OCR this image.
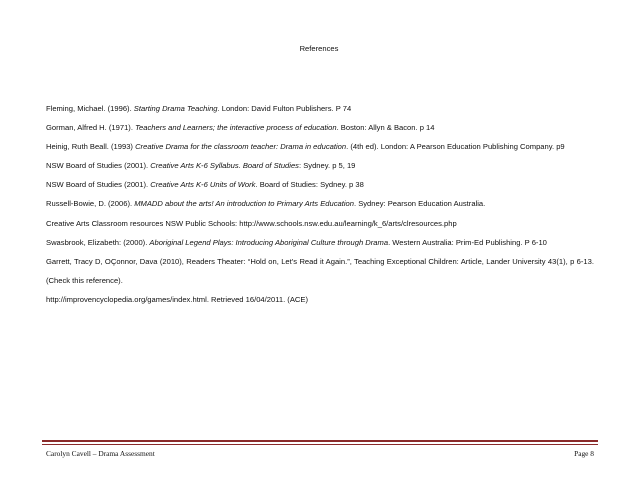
References

Fleming, Michael. (1996). Starting Drama Teaching. London: David Fulton Publishers. P 74

Gorman, Alfred H. (1971). Teachers and Learners; the interactive process of education. Boston: Allyn & Bacon. p 14

Heinig, Ruth Beall. (1993) Creative Drama for the classroom teacher: Drama in education. (4th ed). London: A Pearson Education Publishing Company. p9

NSW Board of Studies (2001). Creative Arts K-6 Syllabus. Board of Studies: Sydney. p 5, 19

NSW Board of Studies (2001). Creative Arts K-6 Units of Work. Board of Studies: Sydney. p 38

Russell-Bowie, D. (2006). MMADD about the arts! An introduction to Primary Arts Education. Sydney: Pearson Education Australia.

Creative Arts Classroom resources NSW Public Schools: http://www.schools.nsw.edu.au/learning/k_6/arts/clresources.php

Swasbrook, Elizabeth: (2000). Aboriginal Legend Plays: Introducing Aboriginal Culture through Drama. Western Australia: Prim-Ed Publishing. P 6-10

Garrett, Tracy D, OÇonnor, Dava (2010), Readers Theater: “Hold on, Let’s Read it Again.”, Teaching Exceptional Children: Article, Lander University 43(1), p 6-13. (Check this reference).

http://improvencyclopedia.org/games/index.html. Retrieved 16/04/2011. (ACE)

Carolyn Cavell – Drama Assessment	Page 8
